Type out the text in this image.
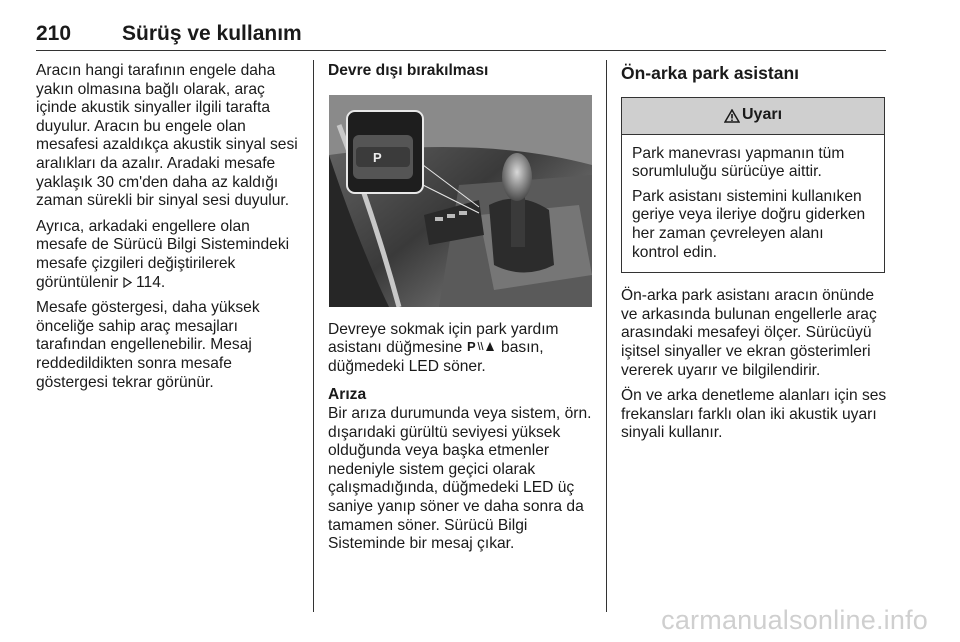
210 Sürüş ve kullanım

Aracın hangi tarafının engele daha yakın olmasına bağlı olarak, araç içinde akustik sinyaller ilgili tarafta duyulur. Aracın bu engele olan mesafesi azaldıkça akustik sinyal sesi aralıkları da azalır. Aradaki mesafe yaklaşık 30 cm'den daha az kaldığı zaman sürekli bir sinyal sesi duyulur.

Ayrıca, arkadaki engellere olan mesafe de Sürücü Bilgi Sistemindeki mesafe çizgileri değiştirilerek görüntülenir 114.

Mesafe göstergesi, daha yüksek önceliğe sahip araç mesajları tarafından engellenebilir. Mesaj reddedildikten sonra mesafe göstergesi tekrar görünür.

Devre dışı bırakılması
P

Devreye sokmak için park yardım asistanı düğmesine P basın, düğmedeki LED söner.

Arıza

Bir arıza durumunda veya sistem, örn. dışarıdaki gürültü seviyesi yüksek olduğunda veya başka etmenler nedeniyle sistem geçici olarak çalışmadığında, düğmedeki LED üç saniye yanıp söner ve daha sonra da tamamen söner. Sürücü Bilgi Sisteminde bir mesaj çıkar.

Ön-arka park asistanı
Uyarı

Park manevrası yapmanın tüm sorumluluğu sürücüye aittir.

Park asistanı sistemini kullanıken geriye veya ileriye doğru giderken her zaman çevreleyen alanı kontrol edin.

Ön-arka park asistanı aracın önünde ve arkasında bulunan engellerle araç arasındaki mesafeyi ölçer. Sürücüyü işitsel sinyaller ve ekran gösterimleri vererek uyarır ve bilgilendirir.

Ön ve arka denetleme alanları için ses frekansları farklı olan iki akustik uyarı sinyali kullanır.

carmanualsonline.info
